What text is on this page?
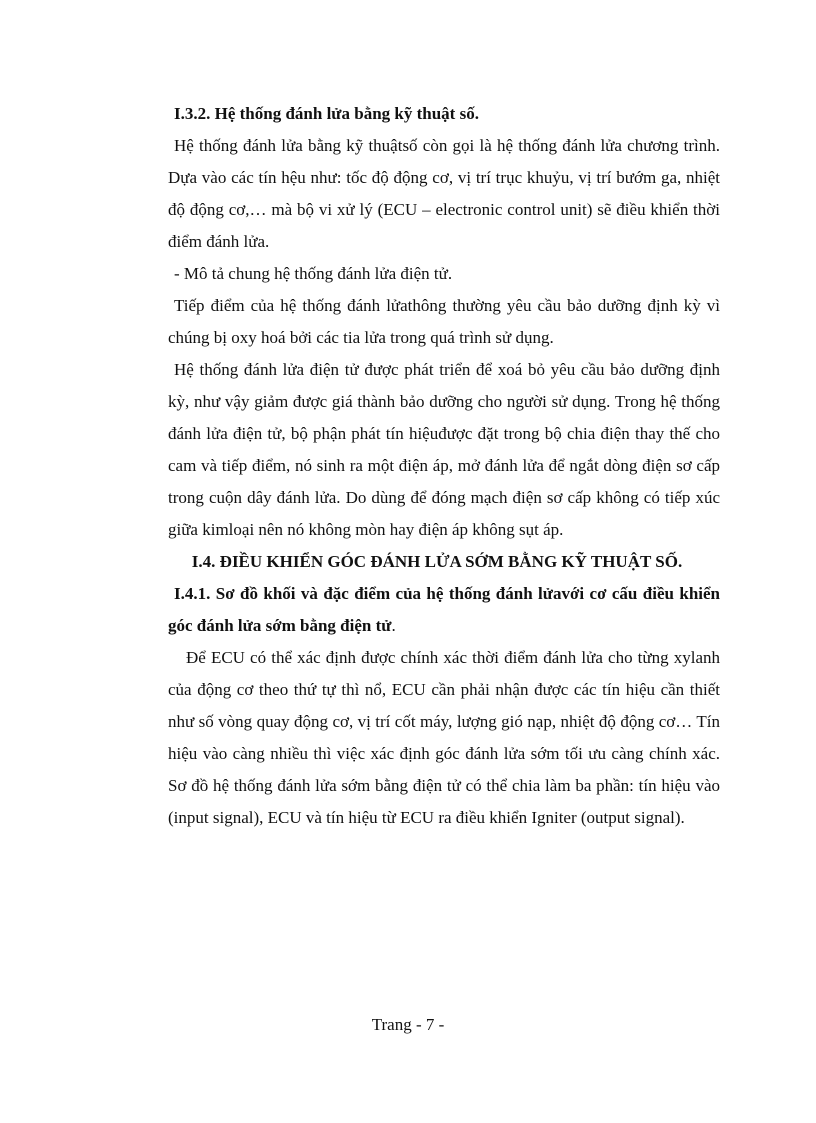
I.3.2. Hệ thống đánh lửa bằng kỹ thuật số.

Hệ thống đánh lửa bằng kỹ thuậtsố còn gọi là hệ thống đánh lửa chương trình. Dựa vào các tín hệu như: tốc độ động cơ, vị trí trục khuỷu, vị trí bướm ga, nhiệt độ động cơ,… mà bộ vi xử lý (ECU – electronic control unit) sẽ điều khiển thời điểm đánh lửa.

- Mô tả chung hệ thống đánh lửa điện tử.

Tiếp điểm của hệ thống đánh lửathông thường yêu cầu bảo dưỡng định kỳ vì chúng bị oxy hoá bởi các tia lửa trong quá trình sử dụng.

Hệ thống đánh lửa điện tử được phát triển để xoá bỏ yêu cầu bảo dưỡng định kỳ, như vậy giảm được giá thành bảo dưỡng cho người sử dụng. Trong hệ thống đánh lửa điện tử, bộ phận phát tín hiệuđược đặt trong bộ chia điện thay thế cho cam và tiếp điểm, nó sinh ra một điện áp, mở đánh lửa để ngắt dòng điện sơ cấp trong cuộn dây đánh lửa. Do dùng để đóng mạch điện sơ cấp không có tiếp xúc giữa kimloại nên nó không mòn hay điện áp không sụt áp.

I.4. ĐIỀU KHIỂN GÓC ĐÁNH LỬA SỚM BẰNG KỸ THUẬT SỐ.

I.4.1. Sơ đồ khối và đặc điểm của hệ thống đánh lửavới cơ cấu điều khiển góc đánh lửa sớm bằng điện tử.

Để ECU có thể xác định được chính xác thời điểm đánh lửa cho từng xylanh của động cơ theo thứ tự thì nổ, ECU cần phải nhận được các tín hiệu cần thiết như số vòng quay động cơ, vị trí cốt máy, lượng gió nạp, nhiệt độ động cơ… Tín hiệu vào càng nhiều thì việc xác định góc đánh lửa sớm tối ưu càng chính xác. Sơ đồ hệ thống đánh lửa sớm bằng điện tử có thể chia làm ba phần: tín hiệu vào (input signal), ECU và tín hiệu từ ECU ra điều khiển Igniter (output signal).

Trang - 7 -
